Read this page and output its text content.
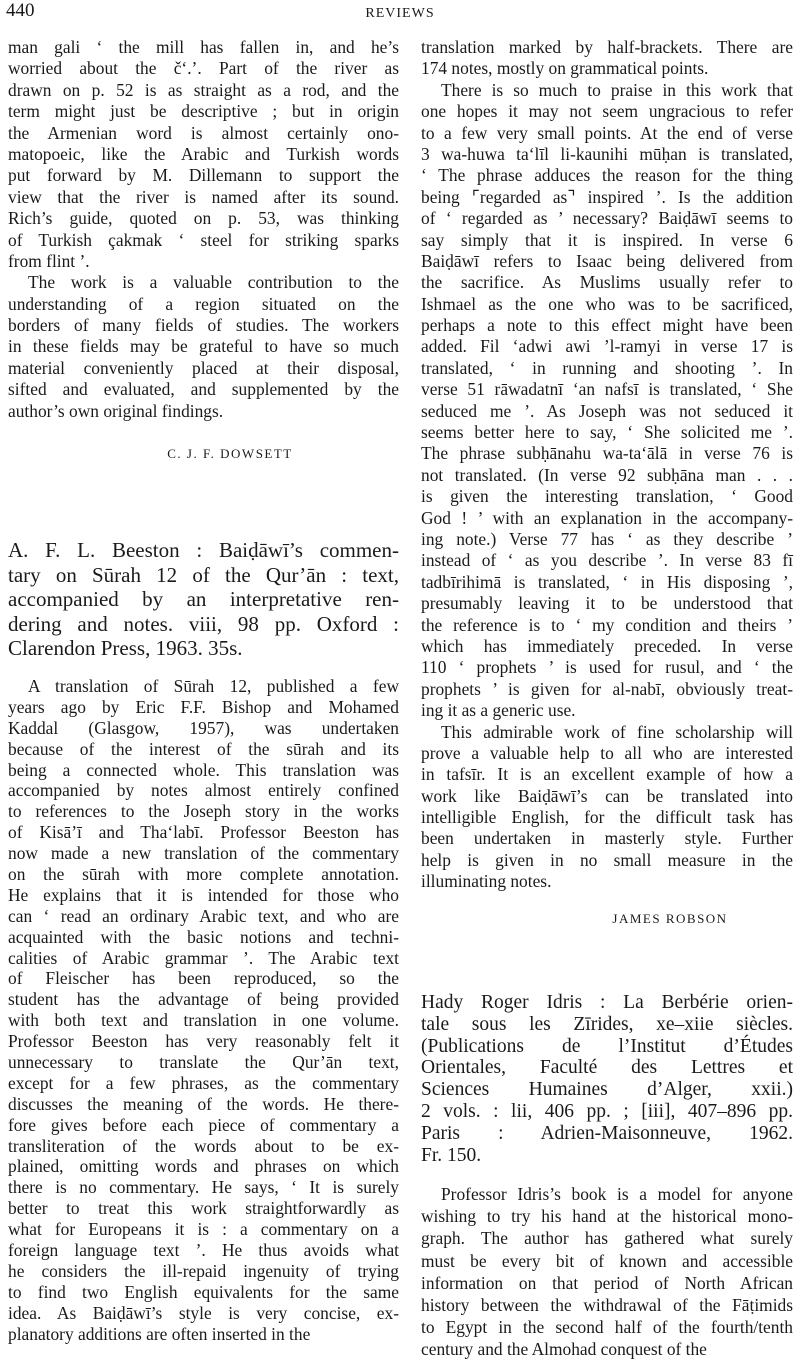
440	REVIEWS
man gali ‘ the mill has fallen in, and he’s
worried about the č‘.’. Part of the river as
drawn on p. 52 is as straight as a rod, and the
term might just be descriptive ; but in origin
the Armenian word is almost certainly ono-
matopoeic, like the Arabic and Turkish words
put forward by M. Dillemann to support the
view that the river is named after its sound.
Rich’s guide, quoted on p. 53, was thinking
of Turkish çakmak ‘ steel for striking sparks
from flint ’.
The work is a valuable contribution to the
understanding of a region situated on the
borders of many fields of studies. The workers
in these fields may be grateful to have so much
material conveniently placed at their disposal,
sifted and evaluated, and supplemented by the
author’s own original findings.
C. J. F. DOWSETT
A. F. L. Beeston : Baiḍāwī’s commen-
tary on Sūrah 12 of the Qur’ān : text,
accompanied by an interpretative ren-
dering and notes. viii, 98 pp. Oxford :
Clarendon Press, 1963. 35s.
A translation of Sūrah 12, published a few
years ago by Eric F.F. Bishop and Mohamed
Kaddal (Glasgow, 1957), was undertaken
because of the interest of the sūrah and its
being a connected whole. This translation was
accompanied by notes almost entirely confined
to references to the Joseph story in the works
of Kisā’ī and Tha‘labī. Professor Beeston has
now made a new translation of the commentary
on the sūrah with more complete annotation.
He explains that it is intended for those who
can ‘ read an ordinary Arabic text, and who are
acquainted with the basic notions and techni-
calities of Arabic grammar ’. The Arabic text
of Fleischer has been reproduced, so the
student has the advantage of being provided
with both text and translation in one volume.
Professor Beeston has very reasonably felt it
unnecessary to translate the Qur’ān text,
except for a few phrases, as the commentary
discusses the meaning of the words. He there-
fore gives before each piece of commentary a
transliteration of the words about to be ex-
plained, omitting words and phrases on which
there is no commentary. He says, ‘ It is surely
better to treat this work straightforwardly as
what for Europeans it is : a commentary on a
foreign language text ’. He thus avoids what
he considers the ill-repaid ingenuity of trying
to find two English equivalents for the same
idea. As Baiḍāwī’s style is very concise, ex-
planatory additions are often inserted in the
translation marked by half-brackets. There are
174 notes, mostly on grammatical points.
There is so much to praise in this work that
one hopes it may not seem ungracious to refer
to a few very small points. At the end of verse
3 wa-huwa ta‘līl li-kaunihi mūḥan is translated,
‘ The phrase adduces the reason for the thing
being ⌜regarded as⌝ inspired ’. Is the addition
of ‘ regarded as ’ necessary? Baiḍāwī seems to
say simply that it is inspired. In verse 6
Baiḍāwī refers to Isaac being delivered from
the sacrifice. As Muslims usually refer to
Ishmael as the one who was to be sacrificed,
perhaps a note to this effect might have been
added. Fil ‘adwi awi ’l-ramyi in verse 17 is
translated, ‘ in running and shooting ’. In
verse 51 rāwadatnī ‘an nafsī is translated, ‘ She
seduced me ’. As Joseph was not seduced it
seems better here to say, ‘ She solicited me ’.
The phrase subḥānahu wa-ta‘ālā in verse 76 is
not translated. (In verse 92 subḥāna man . . .
is given the interesting translation, ‘ Good
God ! ’ with an explanation in the accompany-
ing note.) Verse 77 has ‘ as they describe ’
instead of ‘ as you describe ’. In verse 83 fī
tadbīrihimā is translated, ‘ in His disposing ’,
presumably leaving it to be understood that
the reference is to ‘ my condition and theirs ’
which has immediately preceded. In verse
110 ‘ prophets ’ is used for rusul, and ‘ the
prophets ’ is given for al-nabī, obviously treat-
ing it as a generic use.
This admirable work of fine scholarship will
prove a valuable help to all who are interested
in tafsīr. It is an excellent example of how a
work like Baiḍāwī’s can be translated into
intelligible English, for the difficult task has
been undertaken in masterly style. Further
help is given in no small measure in the
illuminating notes.
JAMES ROBSON
Hady Roger Idris : La Berbérie orien-
tale sous les Zīrides, xe–xiie siècles.
(Publications de l’Institut d’Études
Orientales, Faculté des Lettres et
Sciences Humaines d’Alger, xxii.)
2 vols. : lii, 406 pp. ; [iii], 407–896 pp.
Paris : Adrien-Maisonneuve, 1962.
Fr. 150.
Professor Idris’s book is a model for anyone
wishing to try his hand at the historical mono-
graph. The author has gathered what surely
must be every bit of known and accessible
information on that period of North African
history between the withdrawal of the Fāṭimids
to Egypt in the second half of the fourth/tenth
century and the Almohad conquest of the
